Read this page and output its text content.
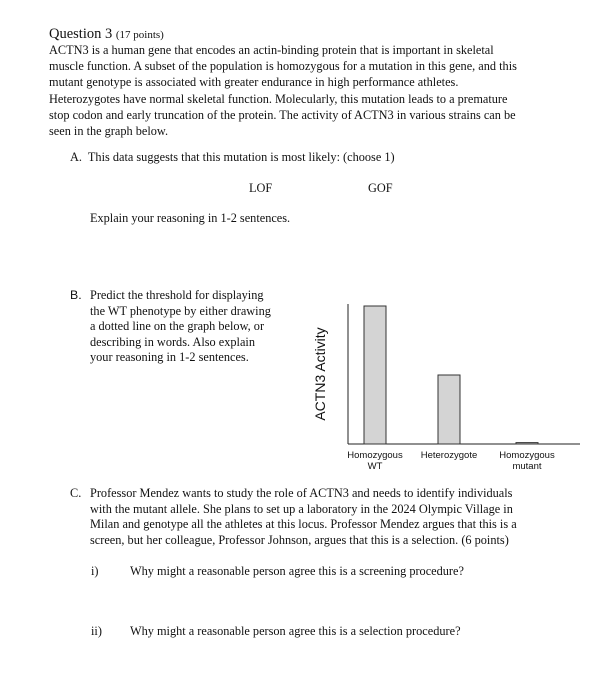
Question 3 (17 points)
ACTN3 is a human gene that encodes an actin-binding protein that is important in skeletal
muscle function. A subset of the population is homozygous for a mutation in this gene, and this
mutant genotype is associated with greater endurance in high performance athletes.
Heterozygotes have normal skeletal function. Molecularly, this mutation leads to a premature
stop codon and early truncation of the protein. The activity of ACTN3 in various strains can be
seen in the graph below.
A. This data suggests that this mutation is most likely: (choose 1)
LOF	GOF
Explain your reasoning in 1-2 sentences.
B. Predict the threshold for displaying
the WT phenotype by either drawing
a dotted line on the graph below, or
describing in words. Also explain
your reasoning in 1-2 sentences.	ACTN3 Activity
Homozygous
WT
Heterozygote Homozygous
mutant
C. Professor Mendez wants to study the role of ACTN3 and needs to identify individuals
with the mutant allele. She plans to set up a laboratory in the 2024 Olympic Village in
Milan and genotype all the athletes at this locus. Professor Mendez argues that this is a
screen, but her colleague, Professor Johnson, argues that this is a selection. (6 points)
i)	Why might a reasonable person agree this is a screening procedure?
ii) Why might a reasonable person agree this is a selection procedure?
